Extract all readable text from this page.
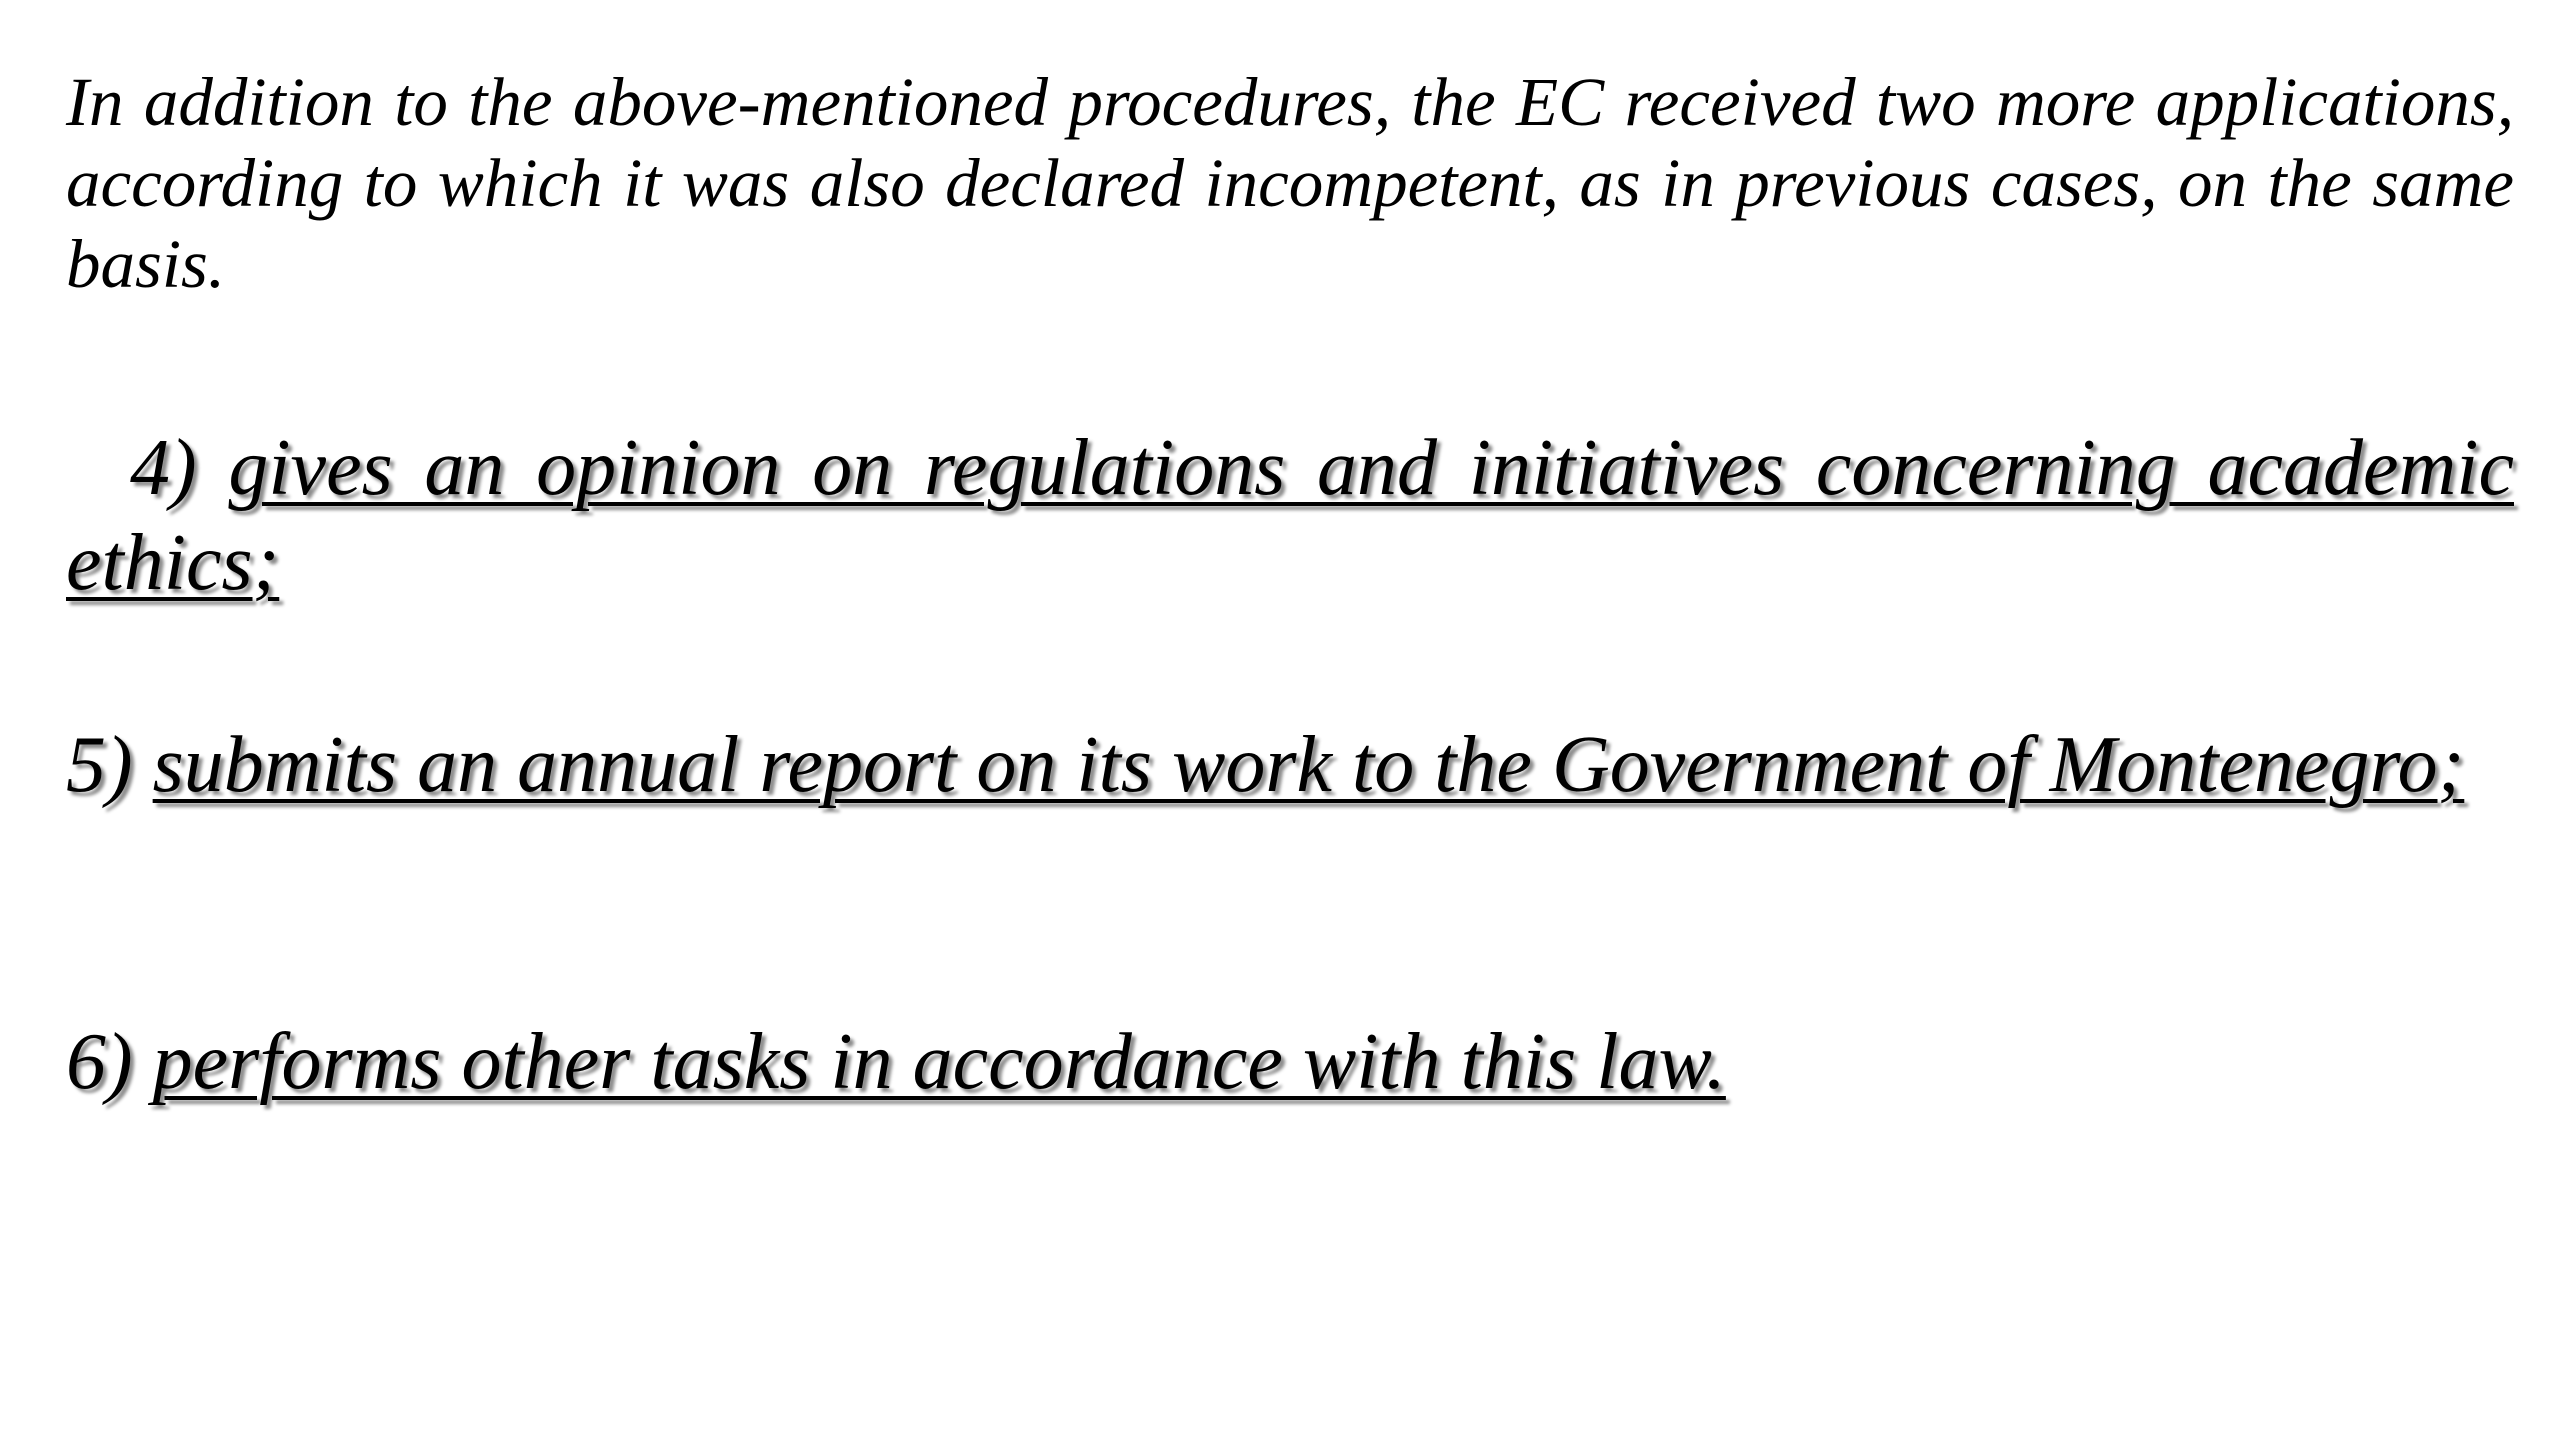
In addition to the above-mentioned procedures, the EC received two more applications, according to which it was also declared incompetent, as in previous cases, on the same basis.

4) gives an opinion on regulations and initiatives concerning academic ethics;

5) submits an annual report on its work to the Government of Montenegro;

6) performs other tasks in accordance with this law.
